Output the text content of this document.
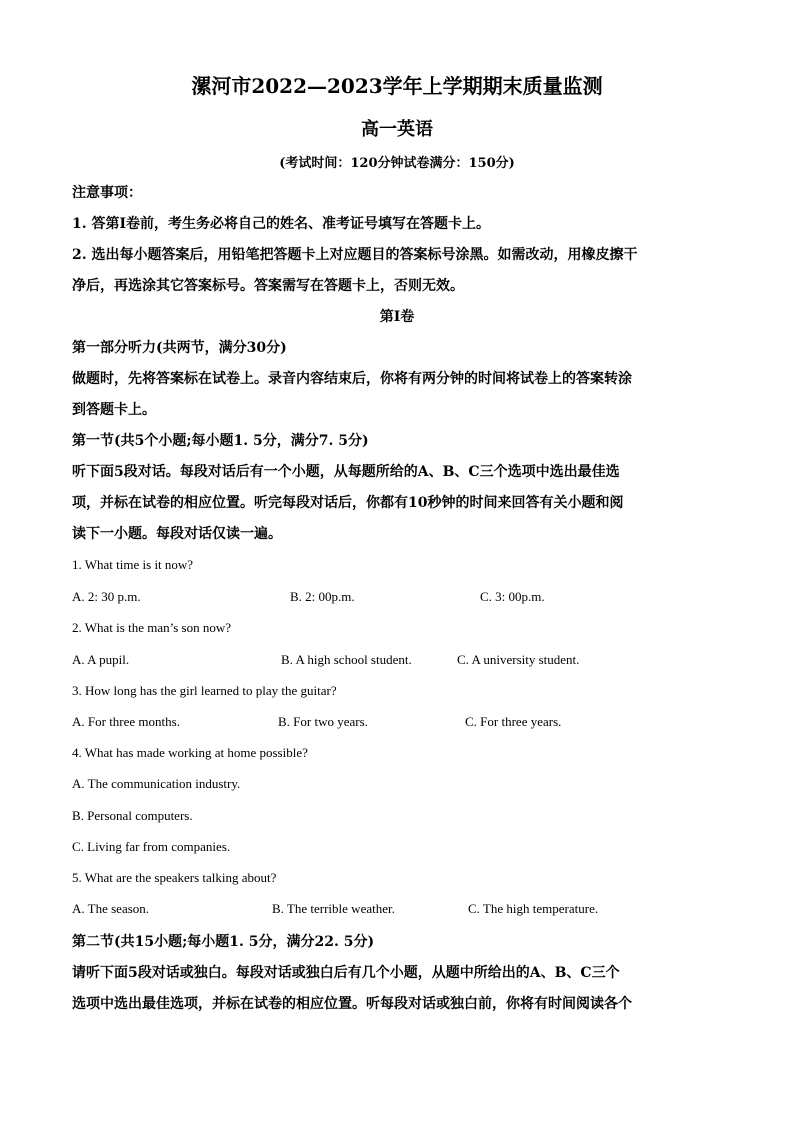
漯河市2022—2023学年上学期期末质量监测
高一英语
(考试时间：120分钟试卷满分：150分)
注意事项：
1. 答第Ⅰ卷前，考生务必将自己的姓名、准考证号填写在答题卡上。
2. 选出每小题答案后，用铅笔把答题卡上对应题目的答案标号涂黑。如需改动，用橡皮擦干
净后，再选涂其它答案标号。答案需写在答题卡上，否则无效。
第Ⅰ卷
第一部分听力(共两节，满分30分)
做题时，先将答案标在试卷上。录音内容结束后，你将有两分钟的时间将试卷上的答案转涂
到答题卡上。
第一节(共5个小题;每小题1. 5分，满分7. 5分)
听下面5段对话。每段对话后有一个小题，从每题所给的A、B、C三个选项中选出最佳选
项，并标在试卷的相应位置。听完每段对话后，你都有10秒钟的时间来回答有关小题和阅
读下一小题。每段对话仅读一遍。
1. What time is it now?
A. 2: 30 p.m.	B. 2: 00p.m.	C. 3: 00p.m.
2. What is the man’s son now?
A. A pupil.	B. A high school student.	C. A university student.
3. How long has the girl learned to play the guitar?
A. For three months.	B. For two years.	C. For three years.
4. What has made working at home possible?
A. The communication industry.
B. Personal computers.
C. Living far from companies.
5. What are the speakers talking about?
A. The season.	B. The terrible weather.	C. The high temperature.
第二节(共15小题;每小题1. 5分，满分22. 5分)
请听下面5段对话或独白。每段对话或独白后有几个小题，从题中所给出的A、B、C三个
选项中选出最佳选项，并标在试卷的相应位置。听每段对话或独白前，你将有时间阅读各个
